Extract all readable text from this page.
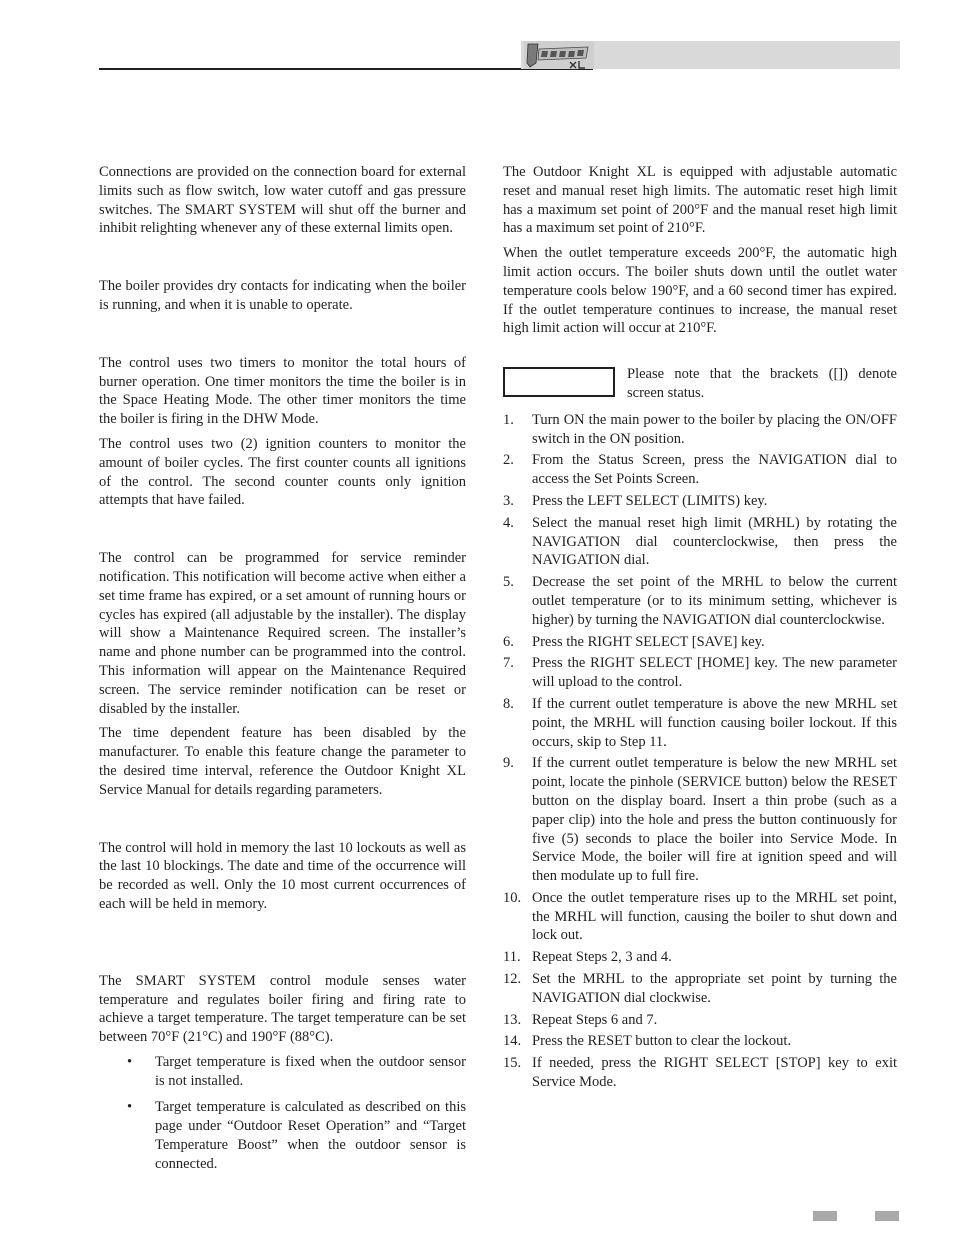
Connections are provided on the connection board for external limits such as flow switch, low water cutoff and gas pressure switches. The SMART SYSTEM will shut off the burner and inhibit relighting whenever any of these external limits open.

The boiler provides dry contacts for indicating when the boiler is running, and when it is unable to operate.

The control uses two timers to monitor the total hours of burner operation. One timer monitors the time the boiler is in the Space Heating Mode. The other timer monitors the time the boiler is firing in the DHW Mode.

The control uses two (2) ignition counters to monitor the amount of boiler cycles. The first counter counts all ignitions of the control. The second counter counts only ignition attempts that have failed.

The control can be programmed for service reminder notification. This notification will become active when either a set time frame has expired, or a set amount of running hours or cycles has expired (all adjustable by the installer). The display will show a Maintenance Required screen. The installer’s name and phone number can be programmed into the control. This information will appear on the Maintenance Required screen. The service reminder notification can be reset or disabled by the installer.

The time dependent feature has been disabled by the manufacturer. To enable this feature change the parameter to the desired time interval, reference the Outdoor Knight XL Service Manual for details regarding parameters.

The control will hold in memory the last 10 lockouts as well as the last 10 blockings. The date and time of the occurrence will be recorded as well. Only the 10 most current occurrences of each will be held in memory.

The SMART SYSTEM control module senses water temperature and regulates boiler firing and firing rate to achieve a target temperature. The target temperature can be set between 70°F (21°C) and 190°F (88°C).

• Target temperature is fixed when the outdoor sensor is not installed.
• Target temperature is calculated as described on this page under “Outdoor Reset Operation” and “Target Temperature Boost” when the outdoor sensor is connected.

The Outdoor Knight XL is equipped with adjustable automatic reset and manual reset high limits. The automatic reset high limit has a maximum set point of 200°F and the manual reset high limit has a maximum set point of 210°F.

When the outlet temperature exceeds 200°F, the automatic high limit action occurs. The boiler shuts down until the outlet water temperature cools below 190°F, and a 60 second timer has expired. If the outlet temperature continues to increase, the manual reset high limit action will occur at 210°F.

Please note that the brackets ([]) denote screen status.
1. Turn ON the main power to the boiler by placing the ON/OFF switch in the ON position.
2. From the Status Screen, press the NAVIGATION dial to access the Set Points Screen.
3. Press the LEFT SELECT (LIMITS) key.
4. Select the manual reset high limit (MRHL) by rotating the NAVIGATION dial counterclockwise, then press the NAVIGATION dial.
5. Decrease the set point of the MRHL to below the current outlet temperature (or to its minimum setting, whichever is higher) by turning the NAVIGATION dial counterclockwise.
6. Press the RIGHT SELECT [SAVE] key.
7. Press the RIGHT SELECT [HOME] key. The new parameter will upload to the control.
8. If the current outlet temperature is above the new MRHL set point, the MRHL will function causing boiler lockout. If this occurs, skip to Step 11.
9. If the current outlet temperature is below the new MRHL set point, locate the pinhole (SERVICE button) below the RESET button on the display board. Insert a thin probe (such as a paper clip) into the hole and press the button continuously for five (5) seconds to place the boiler into Service Mode. In Service Mode, the boiler will fire at ignition speed and will then modulate up to full fire.
10. Once the outlet temperature rises up to the MRHL set point, the MRHL will function, causing the boiler to shut down and lock out.
11. Repeat Steps 2, 3 and 4.
12. Set the MRHL to the appropriate set point by turning the NAVIGATION dial clockwise.
13. Repeat Steps 6 and 7.
14. Press the RESET button to clear the lockout.
15. If needed, press the RIGHT SELECT [STOP] key to exit Service Mode.
